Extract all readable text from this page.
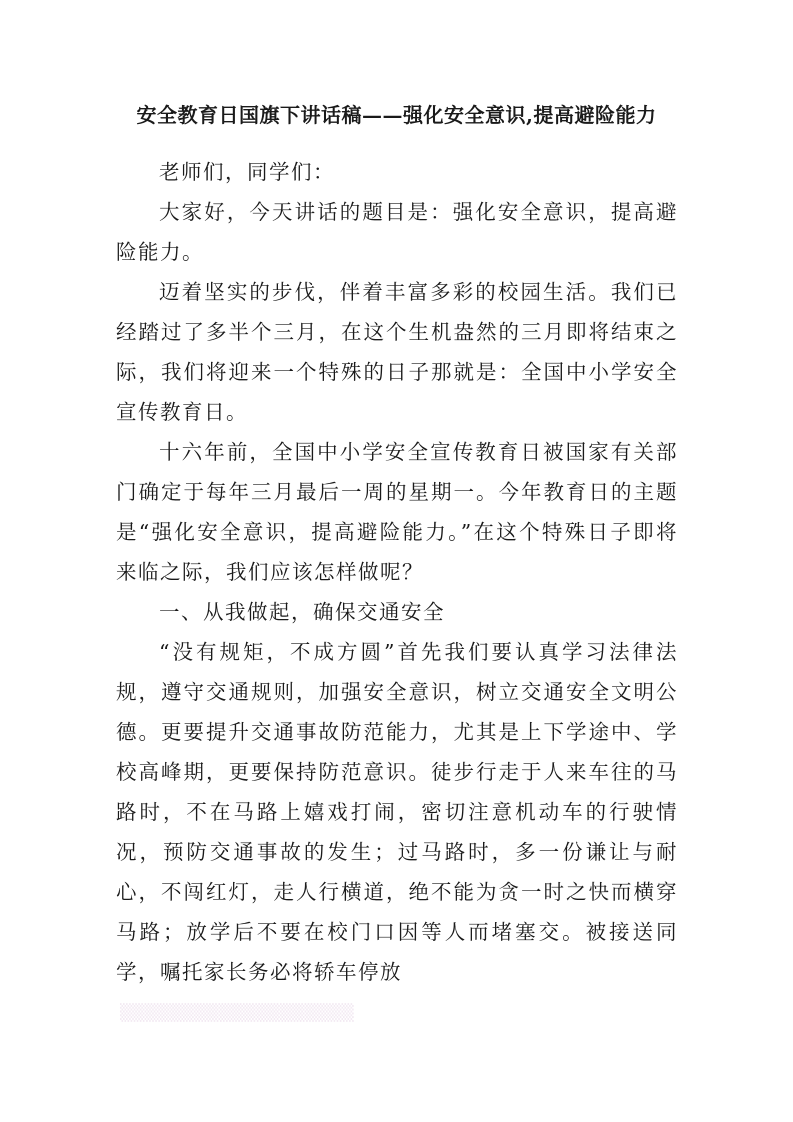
安全教育日国旗下讲话稿——强化安全意识,提高避险能力

老师们，同学们：

大家好，今天讲话的题目是：强化安全意识，提高避险能力。

迈着坚实的步伐，伴着丰富多彩的校园生活。我们已经踏过了多半个三月，在这个生机盎然的三月即将结束之际，我们将迎来一个特殊的日子那就是：全国中小学安全宣传教育日。

十六年前，全国中小学安全宣传教育日被国家有关部门确定于每年三月最后一周的星期一。今年教育日的主题是“强化安全意识，提高避险能力。”在这个特殊日子即将来临之际，我们应该怎样做呢？

一、从我做起，确保交通安全

“没有规矩，不成方圆”首先我们要认真学习法律法规，遵守交通规则，加强安全意识，树立交通安全文明公德。更要提升交通事故防范能力，尤其是上下学途中、学校高峰期，更要保持防范意识。徒步行走于人来车往的马路时，不在马路上嬉戏打闹，密切注意机动车的行驶情况，预防交通事故的发生；过马路时，多一份谦让与耐心，不闯红灯，走人行横道，绝不能为贪一时之快而横穿马路；放学后不要在校门口因等人而堵塞交。被接送同学，嘱托家长务必将轿车停放

▒▒▒▒▒▒▒▒▒▒▒▒▒▒▒▒▒▒▒
